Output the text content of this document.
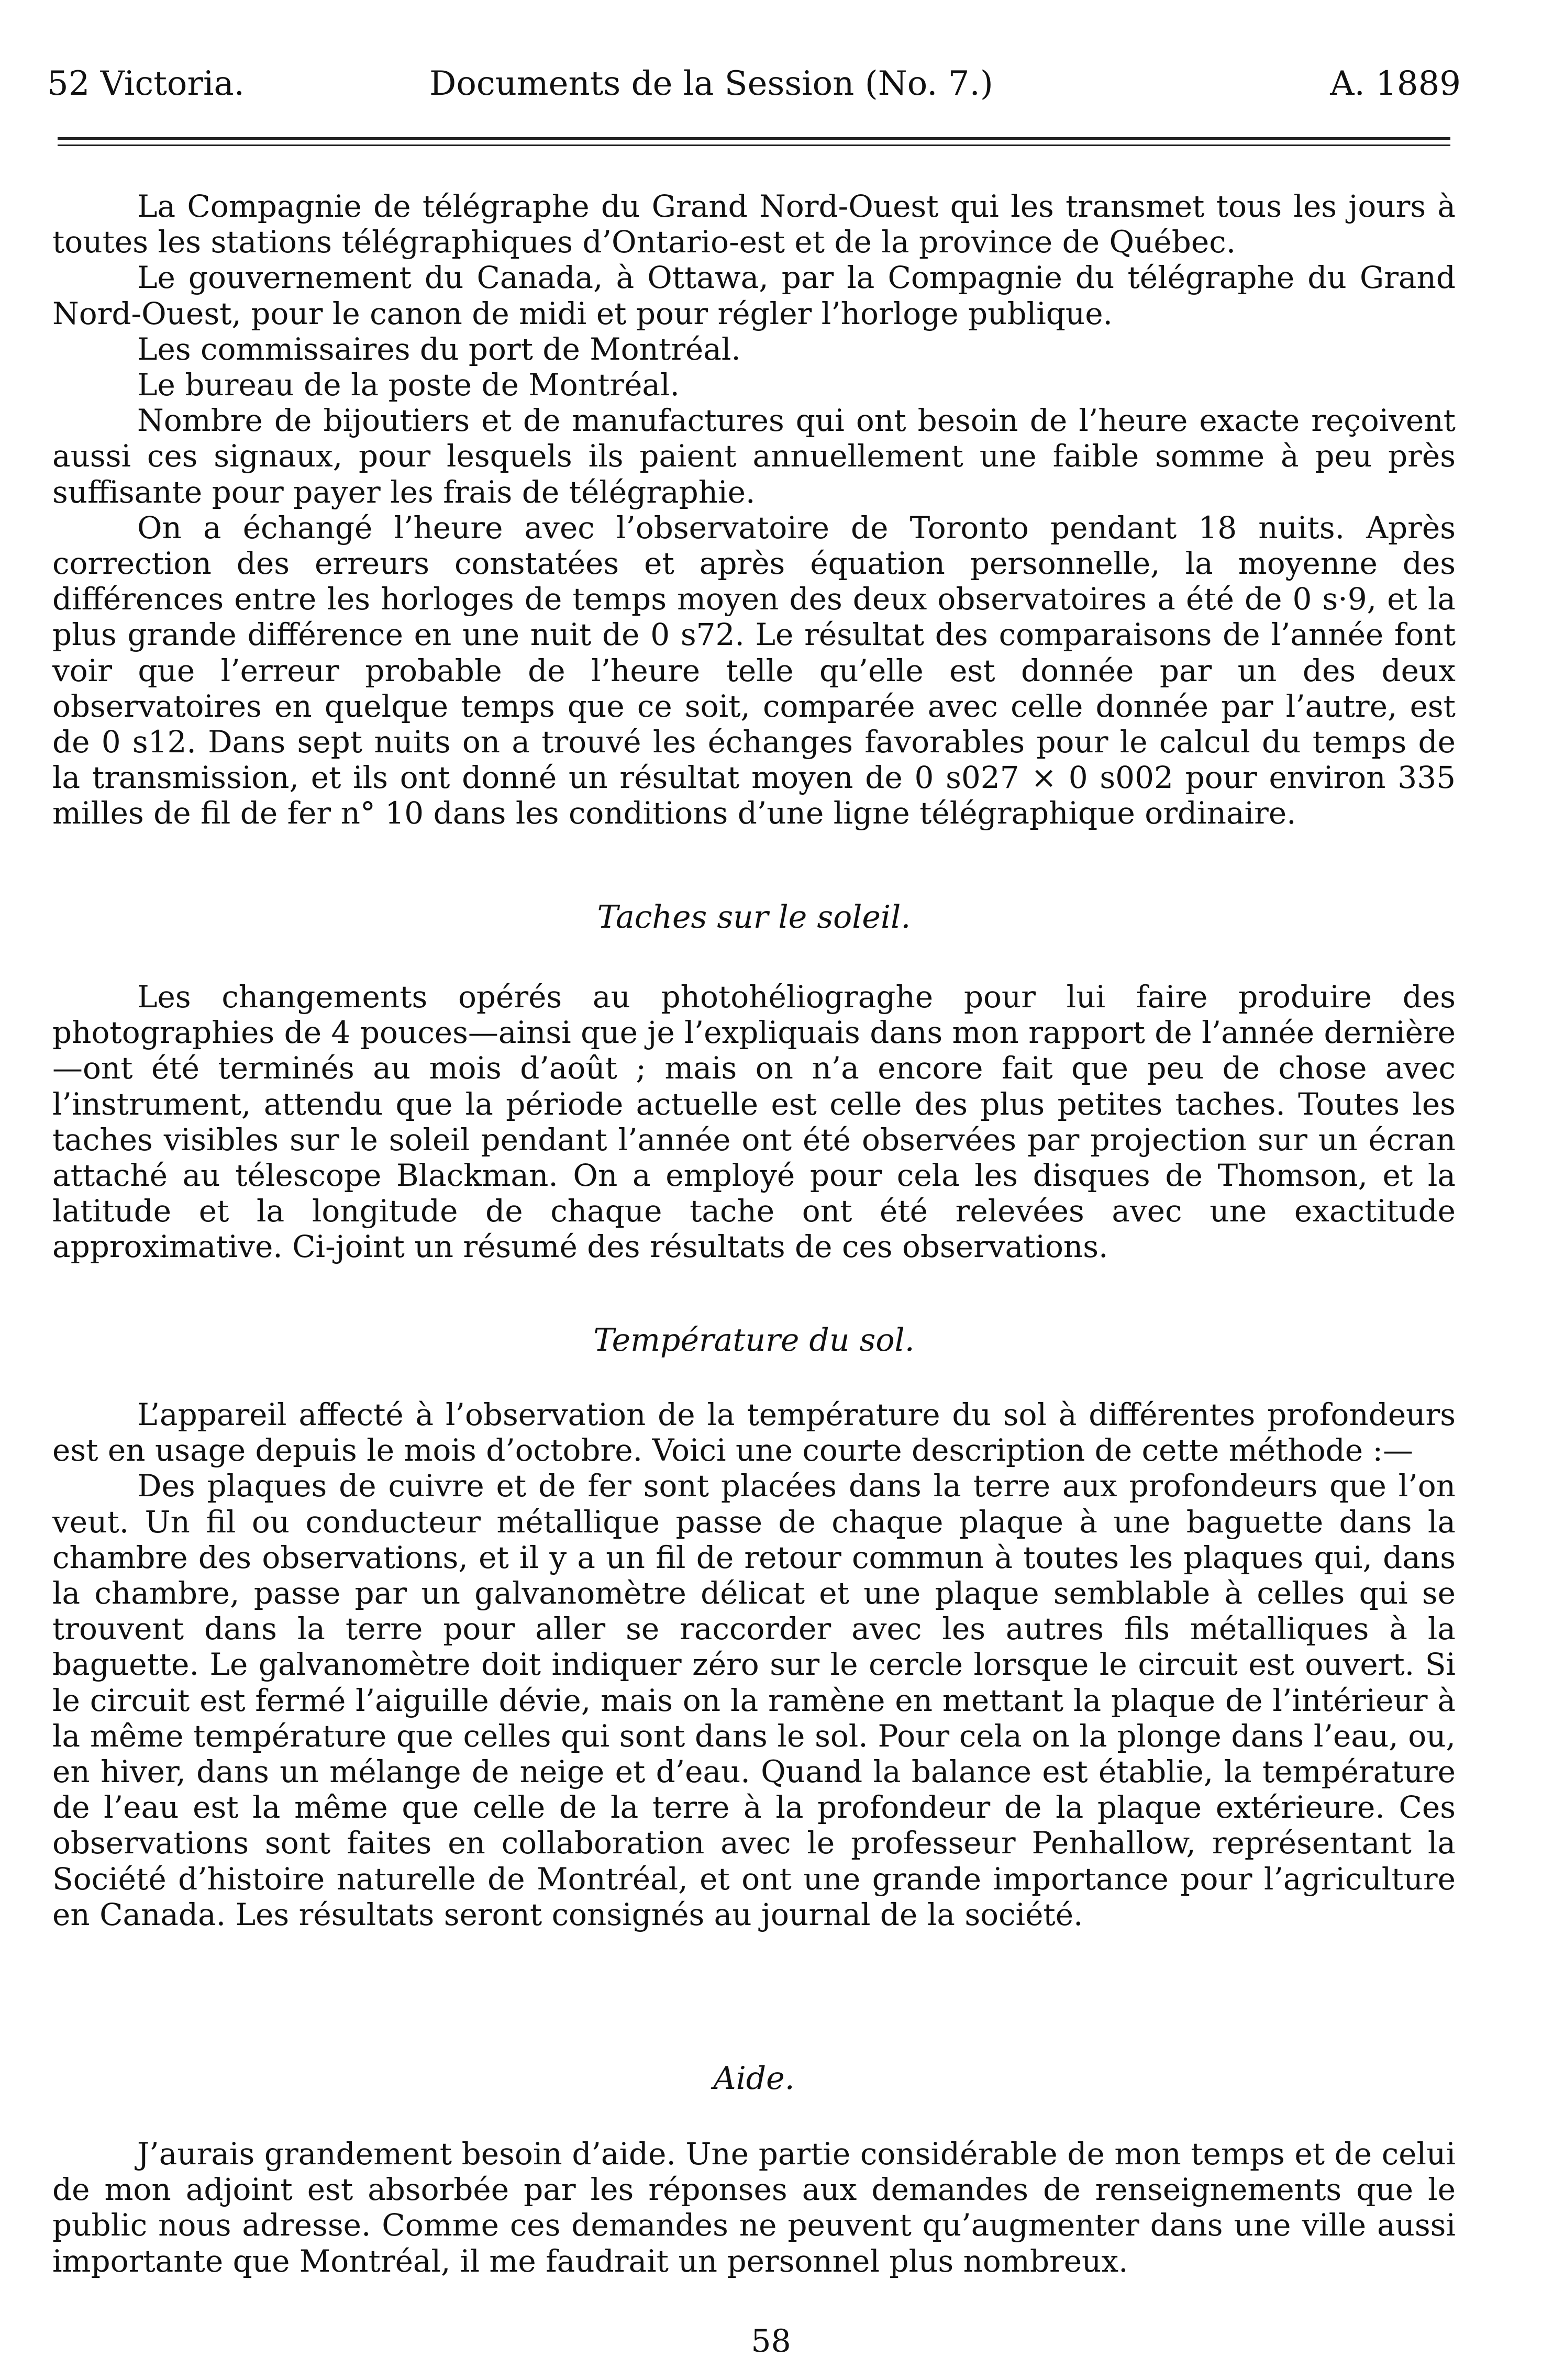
52 Victoria.	Documents de la Session (No. 7.)	A. 1889

La Compagnie de télégraphe du Grand Nord-Ouest qui les transmet tous les jours à toutes les stations télégraphiques d’Ontario-est et de la province de Québec.

Le gouvernement du Canada, à Ottawa, par la Compagnie du télégraphe du Grand Nord-Ouest, pour le canon de midi et pour régler l’horloge publique.

Les commissaires du port de Montréal.

Le bureau de la poste de Montréal.

Nombre de bijoutiers et de manufactures qui ont besoin de l’heure exacte reçoivent aussi ces signaux, pour lesquels ils paient annuellement une faible somme à peu près suffisante pour payer les frais de télégraphie.

On a échangé l’heure avec l’observatoire de Toronto pendant 18 nuits. Après correction des erreurs constatées et après équation personnelle, la moyenne des différences entre les horloges de temps moyen des deux observatoires a été de 0 s·9, et la plus grande différence en une nuit de 0 s72. Le résultat des comparaisons de l’année font voir que l’erreur probable de l’heure telle qu’elle est donnée par un des deux observatoires en quelque temps que ce soit, comparée avec celle donnée par l’autre, est de 0 s12. Dans sept nuits on a trouvé les échanges favorables pour le calcul du temps de la transmission, et ils ont donné un résultat moyen de 0 s027 × 0 s002 pour environ 335 milles de fil de fer n° 10 dans les conditions d’une ligne télégraphique ordinaire.

Taches sur le soleil.

Les changements opérés au photohéliograghe pour lui faire produire des photographies de 4 pouces—ainsi que je l’expliquais dans mon rapport de l’année dernière—ont été terminés au mois d’août ; mais on n’a encore fait que peu de chose avec l’instrument, attendu que la période actuelle est celle des plus petites taches. Toutes les taches visibles sur le soleil pendant l’année ont été observées par projection sur un écran attaché au télescope Blackman. On a employé pour cela les disques de Thomson, et la latitude et la longitude de chaque tache ont été relevées avec une exactitude approximative. Ci-joint un résumé des résultats de ces observations.

Température du sol.

L’appareil affecté à l’observation de la température du sol à différentes profondeurs est en usage depuis le mois d’octobre. Voici une courte description de cette méthode :—

Des plaques de cuivre et de fer sont placées dans la terre aux profondeurs que l’on veut. Un fil ou conducteur métallique passe de chaque plaque à une baguette dans la chambre des observations, et il y a un fil de retour commun à toutes les plaques qui, dans la chambre, passe par un galvanomètre délicat et une plaque semblable à celles qui se trouvent dans la terre pour aller se raccorder avec les autres fils métalliques à la baguette. Le galvanomètre doit indiquer zéro sur le cercle lorsque le circuit est ouvert. Si le circuit est fermé l’aiguille dévie, mais on la ramène en mettant la plaque de l’intérieur à la même température que celles qui sont dans le sol. Pour cela on la plonge dans l’eau, ou, en hiver, dans un mélange de neige et d’eau. Quand la balance est établie, la température de l’eau est la même que celle de la terre à la profondeur de la plaque extérieure. Ces observations sont faites en collaboration avec le professeur Penhallow, représentant la Société d’histoire naturelle de Montréal, et ont une grande importance pour l’agriculture en Canada. Les résultats seront consignés au journal de la société.

Aide.

J’aurais grandement besoin d’aide. Une partie considérable de mon temps et de celui de mon adjoint est absorbée par les réponses aux demandes de renseignements que le public nous adresse. Comme ces demandes ne peuvent qu’augmenter dans une ville aussi importante que Montréal, il me faudrait un personnel plus nombreux.

58
